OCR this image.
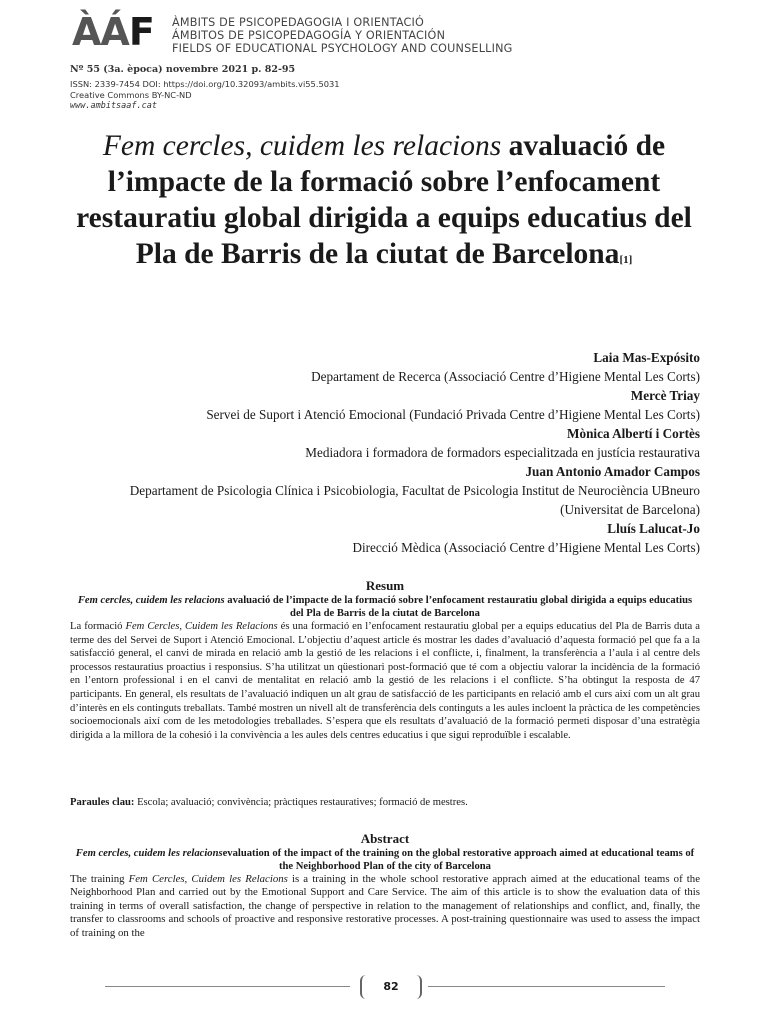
ÀÁF ÀMBITS DE PSICOPEDAGOGIA I ORIENTACIÓ
ÁMBITOS DE PSICOPEDAGOGÍA Y ORIENTACIÓN
FIELDS OF EDUCATIONAL PSYCHOLOGY AND COUNSELLING
Nº 55 (3a. època) novembre 2021 p. 82-95
ISSN: 2339-7454 DOI: https://doi.org/10.32093/ambits.vi55.5031
Creative Commons BY-NC-ND
www.ambitsaaf.cat
Fem cercles, cuidem les relacions avaluació de l’impacte de la formació sobre l’enfocament restauratiu global dirigida a equips educatius del Pla de Barris de la ciutat de Barcelona[1]
Laia Mas-Expósito
Departament de Recerca (Associació Centre d’Higiene Mental Les Corts)
Mercè Triay
Servei de Suport i Atenció Emocional (Fundació Privada Centre d’Higiene Mental Les Corts)
Mònica Albertí i Cortès
Mediadora i formadora de formadors especialitzada en justícia restaurativa
Juan Antonio Amador Campos
Departament de Psicologia Clínica i Psicobiologia, Facultat de Psicologia Institut de Neurociència UBneuro (Universitat de Barcelona)
Lluís Lalucat-Jo
Direcció Mèdica (Associació Centre d’Higiene Mental Les Corts)
Resum
Fem cercles, cuidem les relacions avaluació de l’impacte de la formació sobre l’enfocament restauratiu global dirigida a equips educatius del Pla de Barris de la ciutat de Barcelona
La formació Fem Cercles, Cuidem les Relacions és una formació en l’enfocament restauratiu global per a equips educatius del Pla de Barris duta a terme des del Servei de Suport i Atenció Emocional. L’objectiu d’aquest article és mostrar les dades d’avaluació d’aquesta formació pel que fa a la satisfacció general, el canvi de mirada en relació amb la gestió de les relacions i el conflicte, i, finalment, la transferència a l’aula i al centre dels processos restauratius proactius i responsius. S’ha utilitzat un qüestionari post-formació que té com a objectiu valorar la incidència de la formació en l’entorn professional i en el canvi de mentalitat en relació amb la gestió de les relacions i el conflicte. S’ha obtingut la resposta de 47 participants. En general, els resultats de l’avaluació indiquen un alt grau de satisfacció de les participants en relació amb el curs així com un alt grau d’interès en els continguts treballats. També mostren un nivell alt de transferència dels continguts a les aules incloent la pràctica de les competències socioemocionals així com de les metodologies treballades. S’espera que els resultats d’avaluació de la formació permeti disposar d’una estratègia dirigida a la millora de la cohesió i la convivència a les aules dels centres educatius i que sigui reproduïble i escalable.
Paraules clau: Escola; avaluació; convivència; pràctiques restauratives; formació de mestres.
Abstract
Fem cercles, cuidem les relacionsevaluation of the impact of the training on the global restorative approach aimed at educational teams of the Neighborhood Plan of the city of Barcelona
The training Fem Cercles, Cuidem les Relacions is a training in the whole school restorative apprach aimed at the educational teams of the Neighborhood Plan and carried out by the Emotional Support and Care Service. The aim of this article is to show the evaluation data of this training in terms of overall satisfaction, the change of perspective in relation to the management of relationships and conflict, and, finally, the transfer to classrooms and schools of proactive and responsive restorative processes. A post-training questionnaire was used to assess the impact of training on the
82
